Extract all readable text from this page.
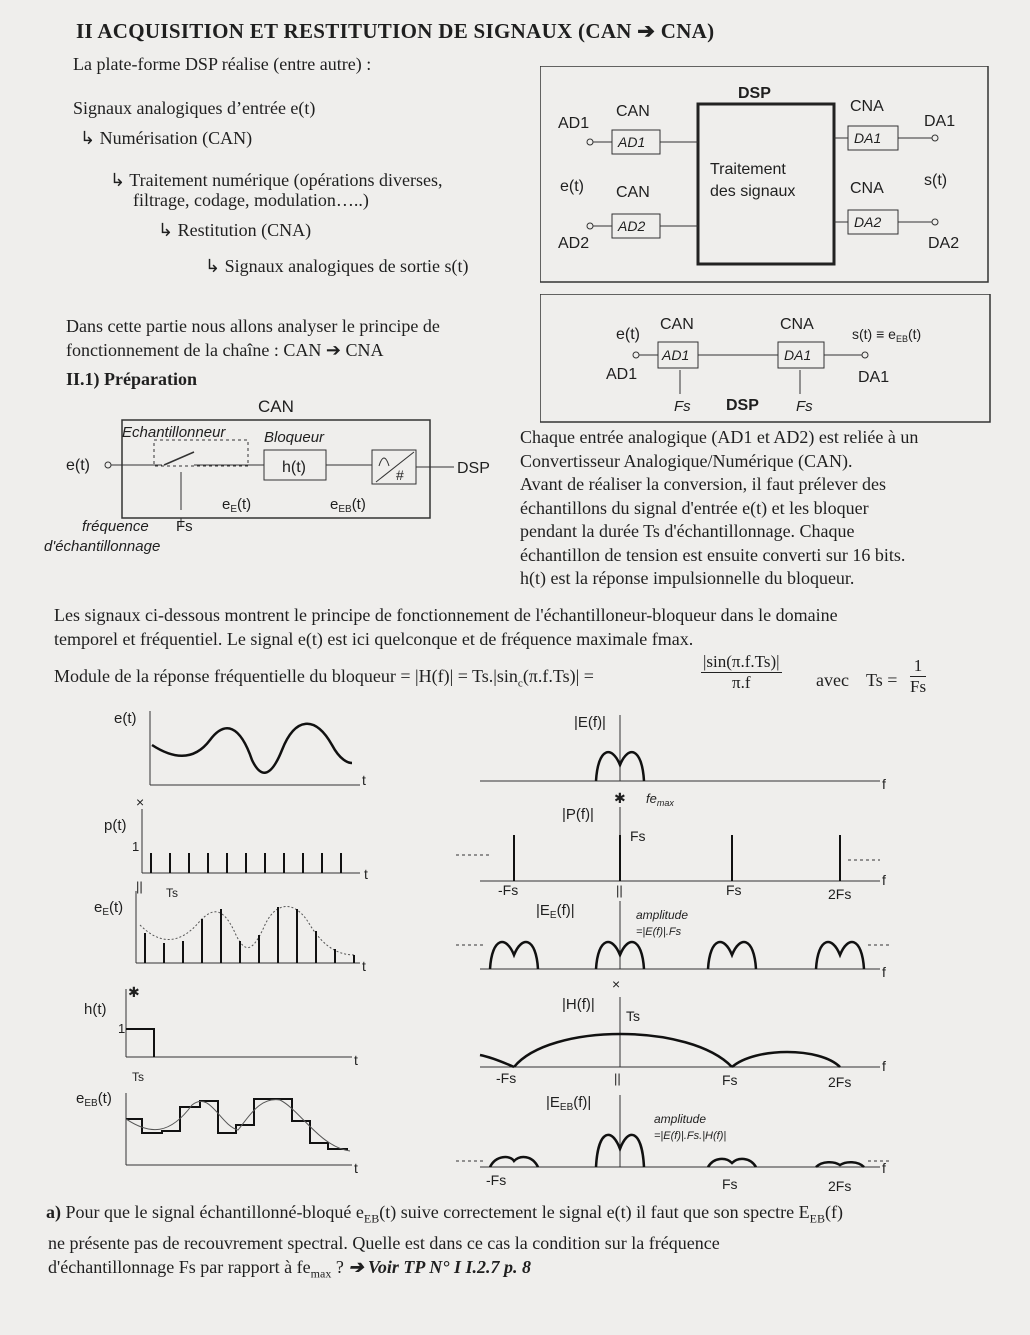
II ACQUISITION ET RESTITUTION DE SIGNAUX (CAN ➔ CNA)
La plate-forme DSP réalise (entre autre) :
Signaux analogiques d’entrée e(t)
↳ Numérisation (CAN)
↳ Traitement numérique (opérations diverses,
filtrage, codage, modulation…..)
↳ Restitution (CNA)
↳ Signaux analogiques de sortie s(t)
DSP
CAN
CAN
CNA
CNA
AD1
AD2
DA1
DA2
e(t)	s(t)
Traitement
des signaux
AD1
AD2
DA1
DA2
Dans cette partie nous allons analyser le principe de
fonctionnement de la chaîne : CAN ➔ CNA
II.1) Préparation
CAN	CNA
e(t)	$s(t) \equiv e_{EB}(t)$
AD1	DA1
AD1	DA1
Fs DSP Fs
CAN
Echantillonneur	Bloqueur
e(t)	h(t)	#	DSP
$e_E(t)$	$e_{EB}(t)$
fréquence Fs
d'échantillonnage
Chaque entrée analogique (AD1 et AD2) est reliée à un
Convertisseur Analogique/Numérique (CAN).
Avant de réaliser la conversion, il faut prélever des
échantillons du signal d'entrée e(t) et les bloquer
pendant la durée Ts d'échantillonnage. Chaque
échantillon de tension est ensuite converti sur 16 bits.
h(t) est la réponse impulsionnelle du bloqueur.
Les signaux ci-dessous montrent le principe de fonctionnement de l'échantilloneur-bloqueur dans le domaine
temporel et fréquentiel. Le signal e(t) est ici quelconque et de fréquence maximale fmax.
Module de la réponse fréquentielle du bloqueur = $|H(f)| = Ts.|\sin_c(\pi.f.Ts)|$ =
|sin(π.f.Ts)|
π.f	avec Ts =
1
Fs
e(t)
t
p(t)
×
t
1
|| Ts
$e_E(t)$
t
✱
h(t)
t
1
Ts
$e_{EB}(t)$
t
|E(f)|
f
$fe_{max}$
✱
|P(f)|
f
Fs
-Fs	||	Fs	2Fs
$|E_E(f)|$
f
amplitude
=|E(f)|.Fs
×
|H(f)|
f
Ts
-Fs	||	Fs	2Fs
$|E_{EB}(f)|$
f
amplitude
=|E(f)|.Fs.|H(f)|
-Fs	Fs	2Fs
a) Pour que le signal échantillonné-bloqué $e_{EB}(t)$ suive correctement le signal e(t) il faut que son spectre $E_{EB}(f)$
ne présente pas de recouvrement spectral. Quelle est dans ce cas la condition sur la fréquence
d'échantillonnage Fs par rapport à $fe_{max}$ ? ➔ Voir TP N° I I.2.7 p. 8
